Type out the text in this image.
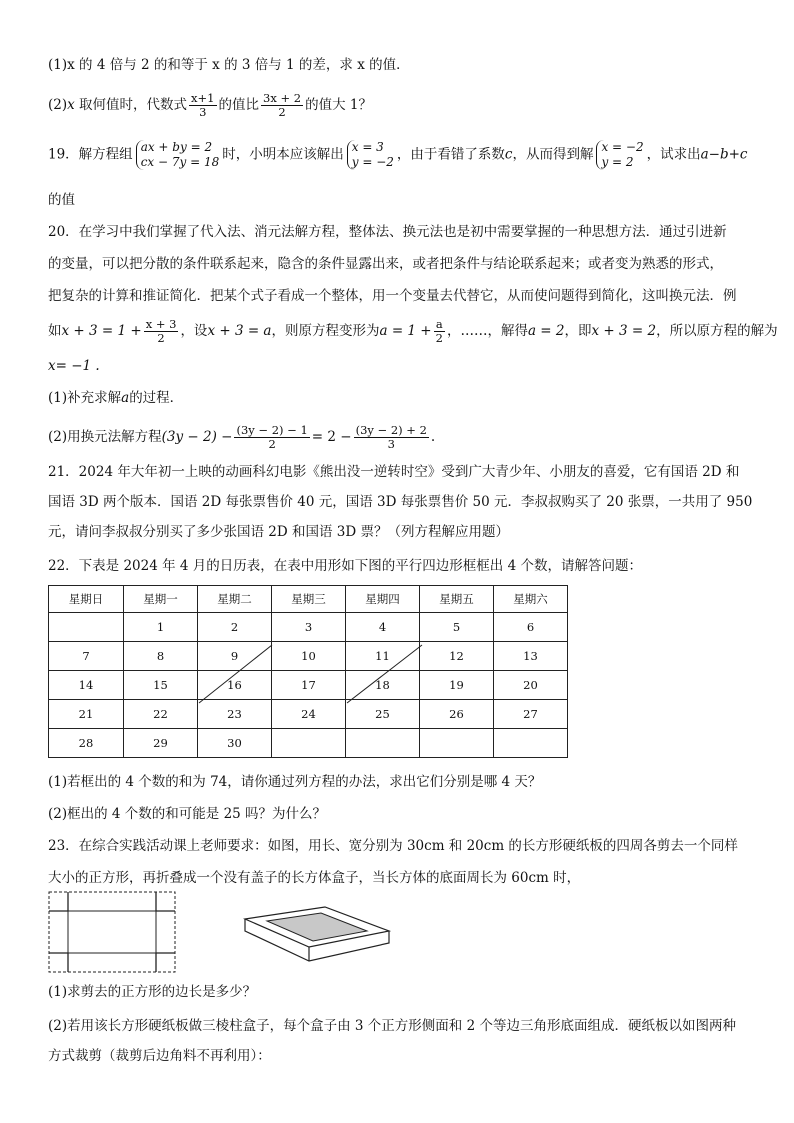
(1)x 的 4 倍与 2 的和等于 x 的 3 倍与 1 的差，求 x 的值．
(2)x 取何值时，代数式 $\frac{x+1}{3}$ 的值比 $\frac{3x + 2}{2}$ 的值大 1？
19．解方程组 ax + by = 2
cx − 7y = 18 时，小明本应该解出 x = 3
y = −2 ，由于看错了系数c，从而得到解 x = −2
y = 2 ，试求出a−b+c
的值
20．在学习中我们掌握了代入法、消元法解方程，整体法、换元法也是初中需要掌握的一种思想方法．通过引进新
的变量，可以把分散的条件联系起来，隐含的条件显露出来，或者把条件与结论联系起来；或者变为熟悉的形式，
把复杂的计算和推证简化．把某个式子看成一个整体，用一个变量去代替它，从而使问题得到简化，这叫换元法．例
如$x + 3 = 1 + \frac{x + 3}{2}$ ，设x + 3 = a，则原方程变形为$a = 1 + \frac{a}{2}$ ，……，解得a = 2，即x + 3 = 2，所以原方程的解为
x= −1 .
(1)补充求解a的过程．
(2)用换元法解方程$(3y - 2) - \frac{(3y - 2) - 1}{2} = 2 - \frac{(3y - 2) + 2}{3}$ .
21．2024 年大年初一上映的动画科幻电影《熊出没一逆转时空》受到广大青少年、小朋友的喜爱，它有国语 2D 和
国语 3D 两个版本．国语 2D 每张票售价 40 元，国语 3D 每张票售价 50 元．李叔叔购买了 20 张票，一共用了 950
元，请问李叔叔分别买了多少张国语 2D 和国语 3D 票？（列方程解应用题）
22．下表是 2024 年 4 月的日历表，在表中用形如下图的平行四边形框框出 4 个数，请解答问题：
星期日	星期一	星期二	星期三	星期四	星期五	星期六
	1	2	3	4	5	6
7	8	9	10	11	12	13
14	15	16	17	18	19	20
21	22	23	24	25	26	27
28	29	30				
(1)若框出的 4 个数的和为 74，请你通过列方程的办法，求出它们分别是哪 4 天？
(2)框出的 4 个数的和可能是 25 吗？为什么？
23．在综合实践活动课上老师要求：如图，用长、宽分别为 30cm 和 20cm 的长方形硬纸板的四周各剪去一个同样
大小的正方形，再折叠成一个没有盖子的长方体盒子，当长方体的底面周长为 60cm 时，
(1)求剪去的正方形的边长是多少？
(2)若用该长方形硬纸板做三棱柱盒子，每个盒子由 3 个正方形侧面和 2 个等边三角形底面组成．硬纸板以如图两种
方式裁剪（裁剪后边角料不再利用）：
